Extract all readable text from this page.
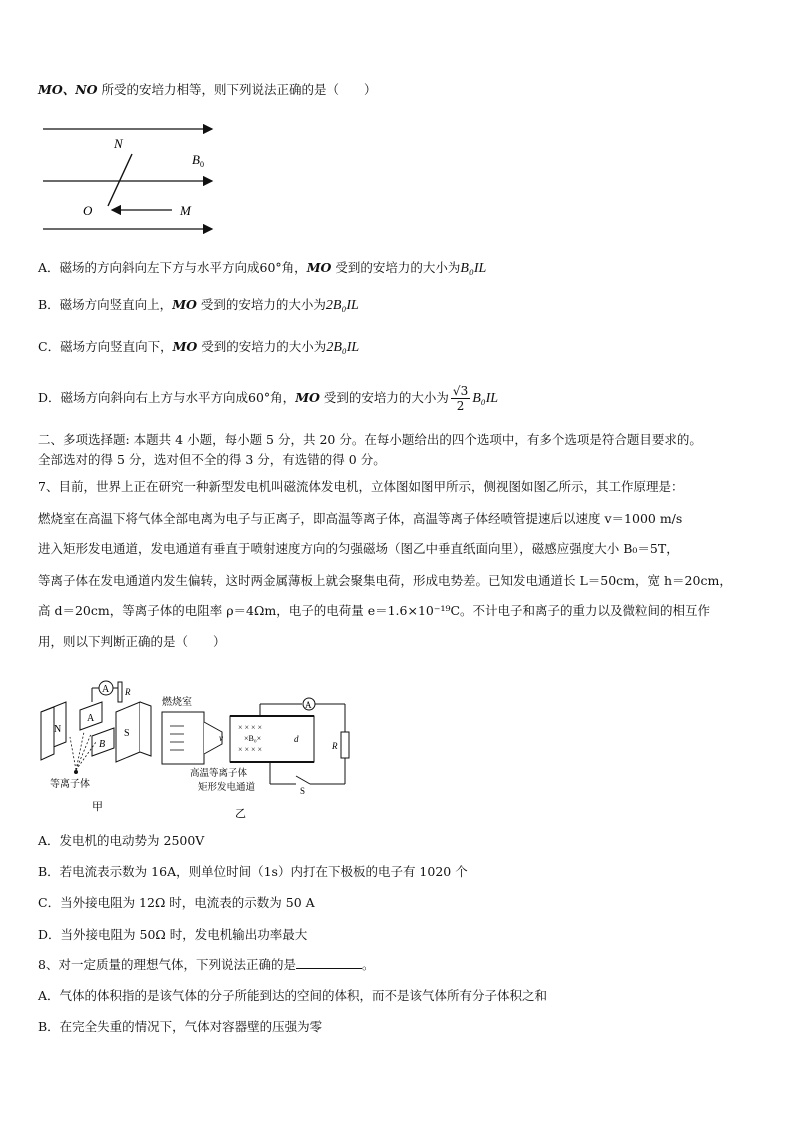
MO、NO 所受的安培力相等，则下列说法正确的是（　　）
N
O	M
$B_0$
A．磁场的方向斜向左下方与水平方向成60°角，MO 受到的安培力的大小为B₀IL
B．磁场方向竖直向上，MO 受到的安培力的大小为2B₀IL
C．磁场方向竖直向下，MO 受到的安培力的大小为2B₀IL
D．磁场方向斜向右上方与水平方向成60°角，MO 受到的安培力的大小为 $\frac{√3}{2} B_0IL$
二、多项选择题: 本题共 4 小题，每小题 5 分，共 20 分。在每小题给出的四个选项中，有多个选项是符合题目要求的。
全部选对的得 5 分，选对但不全的得 3 分，有选错的得 0 分。
7、目前，世界上正在研究一种新型发电机叫磁流体发电机，立体图如图甲所示，侧视图如图乙所示，其工作原理是：
燃烧室在高温下将气体全部电离为电子与正离子，即高温等离子体，高温等离子体经喷管提速后以速度 v＝1000 m/s
进入矩形发电通道，发电通道有垂直于喷射速度方向的匀强磁场（图乙中垂直纸面向里），磁感应强度大小 B₀＝5T，
等离子体在发电通道内发生偏转，这时两金属薄板上就会聚集电荷，形成电势差。已知发电通道长 L＝50cm，宽 h＝20cm，
高 d＝20cm，等离子体的电阻率 ρ＝4Ωm，电子的电荷量 e＝1.6×10⁻¹⁹C。不计电子和离子的重力以及微粒间的相互作
用，则以下判断正确的是（　　）
A R
N
A
B
S
等离子体
甲
燃烧室
v
× × × ×
× × × ×
×B₀×	d
A
R
S
高温等离子体
矩形发电通道
乙
A．发电机的电动势为 2500V
B．若电流表示数为 16A，则单位时间（1s）内打在下极板的电子有 1020 个
C．当外接电阻为 12Ω 时，电流表的示数为 50 A
D．当外接电阻为 50Ω 时，发电机输出功率最大
8、对一定质量的理想气体，下列说法正确的是	。
A．气体的体积指的是该气体的分子所能到达的空间的体积，而不是该气体所有分子体积之和
B．在完全失重的情况下，气体对容器壁的压强为零
